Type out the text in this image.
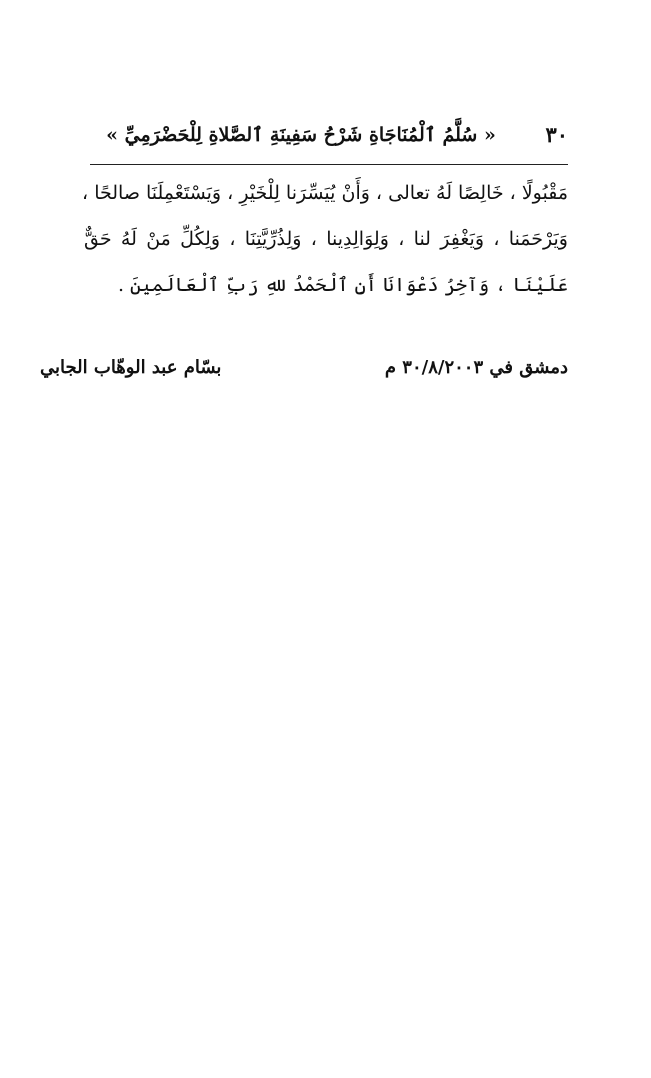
٣٠
« سُلَّمُ ٱلْمُنَاجَاةِ شَرْحُ سَفِينَةِ ٱلصَّلاةِ لِلْحَضْرَمِيِّ »
مَقْبُولًا ، خَالِصًا لَهُ تعالى ، وَأَنْ يُيَسِّرَنا لِلْخَيْرِ ، وَيَسْتَعْمِلَنَا صالحًا ،
وَيَرْحَمَنا ، وَيَغْفِرَ لنا ، وَلِوَالِدِينا ، وَلِذُرِّيَّتِنَا ، وَلِكُلِّ مَنْ لَهُ حَقٌّ
عَلَيْنَا ، وَآخِرُ دَعْوَانَا أَنِ ٱلْحَمْدُ للهِ رَبِّ ٱلْعَالَمِينَ .
دمشق في ٣٠/٨/٢٠٠٣ م
بسّام عبد الوهّاب الجابي
